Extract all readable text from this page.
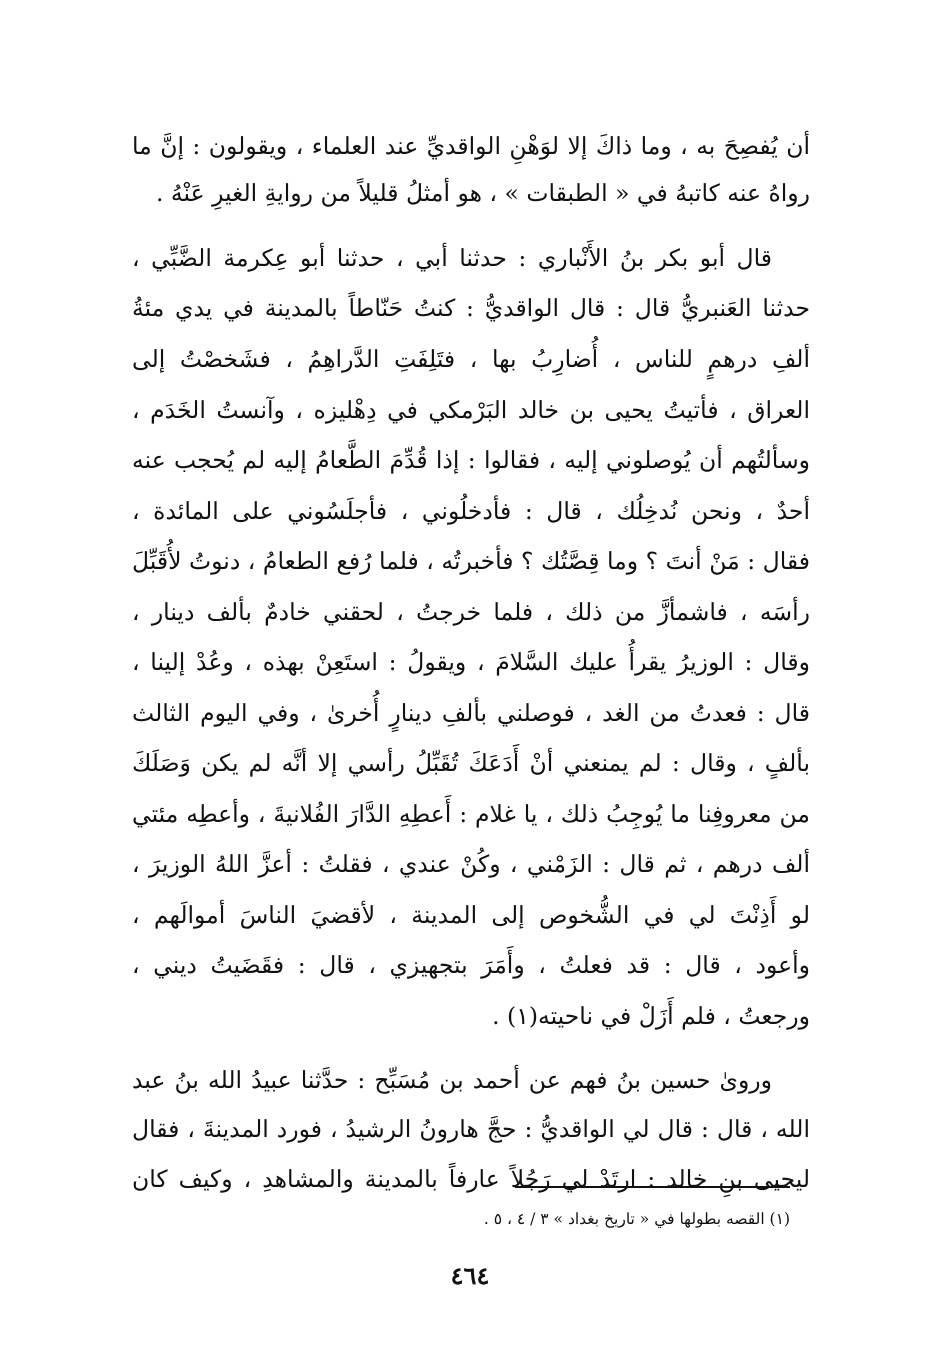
أن يُفصِحَ به ، وما ذاكَ إلا لوَهْنِ الواقديِّ عند العلماء ، ويقولون : إنَّ ما
رواهُ عنه كاتبهُ في « الطبقات » ، هو أمثلُ قليلاً من روايةِ الغيرِ عَنْهُ .
قال أبو بكر بنُ الأَنْباري : حدثنا أبي ، حدثنا أبو عِكرمة الضَّبِّي ،
حدثنا العَنبريُّ قال : قال الواقديُّ : كنتُ حَنّاطاً بالمدينة في يدي مئةُ
ألفِ درهمٍ للناس ، أُضارِبُ بها ، فتَلِفَتِ الدَّراهِمُ ، فشَخصْتُ إلى
العراق ، فأتيتُ يحيى بن خالد البَرْمكي في دِهْليزه ، وآنستُ الخَدَم ،
وسألتُهم أن يُوصلوني إليه ، فقالوا : إذا قُدِّمَ الطَّعامُ إليه لم يُحجب عنه
أحدٌ ، ونحن نُدخِلُك ، قال : فأدخلُوني ، فأجلَسُوني على المائدة ،
فقال : مَنْ أنتَ ؟ وما قِصَّتُك ؟ فأخبرتُه ، فلما رُفع الطعامُ ، دنوتُ لأُقَبِّلَ
رأسَه ، فاشمأزَّ من ذلك ، فلما خرجتُ ، لحقني خادمٌ بألف دينار ،
وقال : الوزيرُ يقرأُ عليك السَّلامَ ، ويقولُ : استَعِنْ بهذه ، وعُدْ إلينا ،
قال : فعدتُ من الغد ، فوصلني بألفِ دينارٍ أُخرىٰ ، وفي اليوم الثالث
بألفٍ ، وقال : لم يمنعني أنْ أَدَعَكَ تُقَبِّلُ رأسي إلا أنَّه لم يكن وَصَلَكَ
من معروفِنا ما يُوجِبُ ذلك ، يا غلام : أَعطِهِ الدَّارَ الفُلانيةَ ، وأعطِه مئتي
ألف درهم ، ثم قال : الزَمْني ، وكُنْ عندي ، فقلتُ : أعزَّ اللهُ الوزيرَ ،
لو أَذِنْتَ لي في الشُّخوص إلى المدينة ، لأقضيَ الناسَ أموالَهم ،
وأعود ، قال : قد فعلتُ ، وأَمَرَ بتجهيزي ، قال : فقَضَيتُ ديني ،
ورجعتُ ، فلم أَزَلْ في ناحيته(١) .
وروىٰ حسين بنُ فهم عن أحمد بن مُسَبِّح : حدَّثنا عبيدُ الله بنُ عبد
الله ، قال : قال لي الواقديُّ : حجَّ هارونُ الرشيدُ ، فورد المدينةَ ، فقال
ليحيى بنِ خالد : ارتَدْ لي رَجُلاً عارفاً بالمدينة والمشاهدِ ، وكيف كان
(١) القصه بطولها في « تاريخ بغداد » ٣ / ٤ ، ٥ .
٤٦٤
